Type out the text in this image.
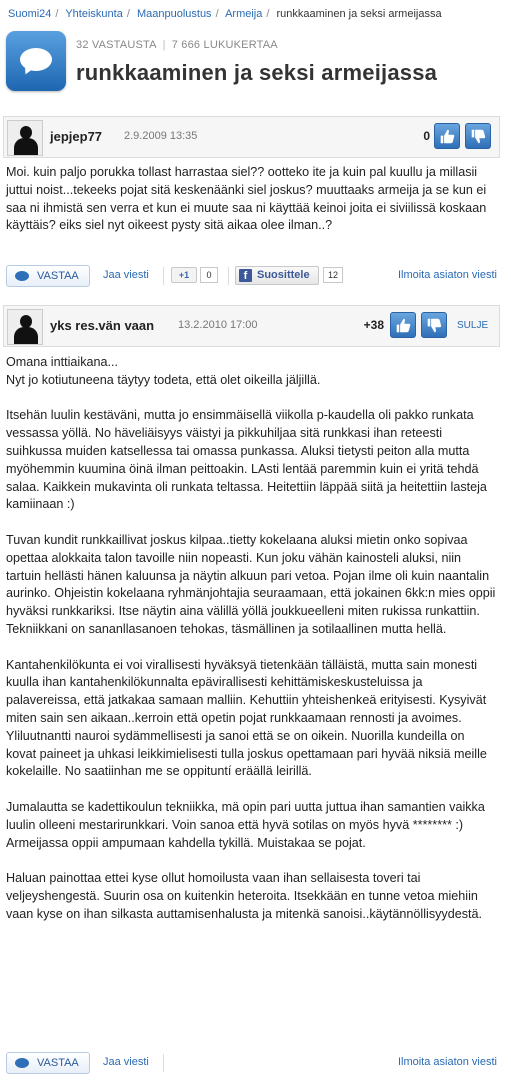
Suomi24 / Yhteiskunta / Maanpuolustus / Armeija / runkkaaminen ja seksi armeijassa
32 VASTAUSTA | 7 666 LUKUKERTAA
runkkaaminen ja seksi armeijassa
jepjep77 2.9.2009 13:35	0

Moi. kuin paljo porukka tollast harrastaa siel?? ootteko ite ja kuin pal kuullu ja millasii juttui noist...tekeeks pojat sitä keskenäänki siel joskus? muuttaaks armeija ja se kun ei saa ni ihmistä sen verra et kun ei muute saa ni käyttää keinoi joita ei siviilissä koskaan käyttäis? eiks siel nyt oikeest pysty sitä aikaa olee ilman..?

VASTAA Jaa viesti	+1	0	f Suosittele	12	Ilmoita asiaton viesti
yks res.vän vaan 13.2.2010 17:00	+38	SULJE

Omana inttiaikana...
Nyt jo kotiutuneena täytyy todeta, että olet oikeilla jäljillä.

Itsehän luulin kestäväni, mutta jo ensimmäisellä viikolla p-kaudella oli pakko runkata vessassa yöllä. No häveliäisyys väistyi ja pikkuhiljaa sitä runkkasi ihan reteesti suihkussa muiden katsellessa tai omassa punkassa. Aluksi tietysti peiton alla mutta myöhemmin kuumina öinä ilman peittoakin. LAsti lentää paremmin kuin ei yritä tehdä salaa. Kaikkein mukavinta oli runkata teltassa. Heitettiin läppää siitä ja heitettiin lasteja kamiinaan :)

Tuvan kundit runkkaillivat joskus kilpaa..tietty kokelaana aluksi mietin onko sopivaa opettaa alokkaita talon tavoille niin nopeasti. Kun joku vähän kainosteli aluksi, niin tartuin hellästi hänen kaluunsa ja näytin alkuun pari vetoa. Pojan ilme oli kuin naantalin aurinko. Ohjeistin kokelaana ryhmänjohtajia seuraamaan, että jokainen 6kk:n mies oppii hyväksi runkkariksi. Itse näytin aina välillä yöllä joukkueelleni miten rukissa runkattiin. Tekniikkani on sananllasanoen tehokas, täsmällinen ja sotilaallinen mutta hellä.

Kantahenkilökunta ei voi virallisesti hyväksyä tietenkään tälläistä, mutta sain monesti kuulla ihan kantahenkilökunnalta epävirallisesti kehittämiskeskusteluissa ja palavereissa, että jatkakaa samaan malliin. Kehuttiin yhteishenkeä erityisesti. Kysyivät miten sain sen aikaan..kerroin että opetin pojat runkkaamaan rennosti ja avoimes. Yliluutnantti nauroi sydämmellisesti ja sanoi että se on oikein. Nuorilla kundeilla on kovat paineet ja uhkasi leikkimielisesti tulla joskus opettamaan pari hyvää niksiä meille kokelaille. No saatiinhan me se oppituntí eräällä leirillä.

Jumalautta se kadettikoulun tekniikka, mä opin pari uutta juttua ihan samantien vaikka luulin olleeni mestarirunkkari. Voin sanoa että hyvä sotilas on myös hyvä ******** :) Armeijassa oppii ampumaan kahdella tykillä. Muistakaa se pojat.

Haluan painottaa ettei kyse ollut homoilusta vaan ihan sellaisesta toveri tai veljeyshengestä. Suurin osa on kuitenkin heteroita. Itsekkään en tunne vetoa miehiin vaan kyse on ihan silkasta auttamisenhalusta ja mitenkä sanoisi..käytännöllisyydestä.

VASTAA Jaa viesti	Ilmoita asiaton viesti
